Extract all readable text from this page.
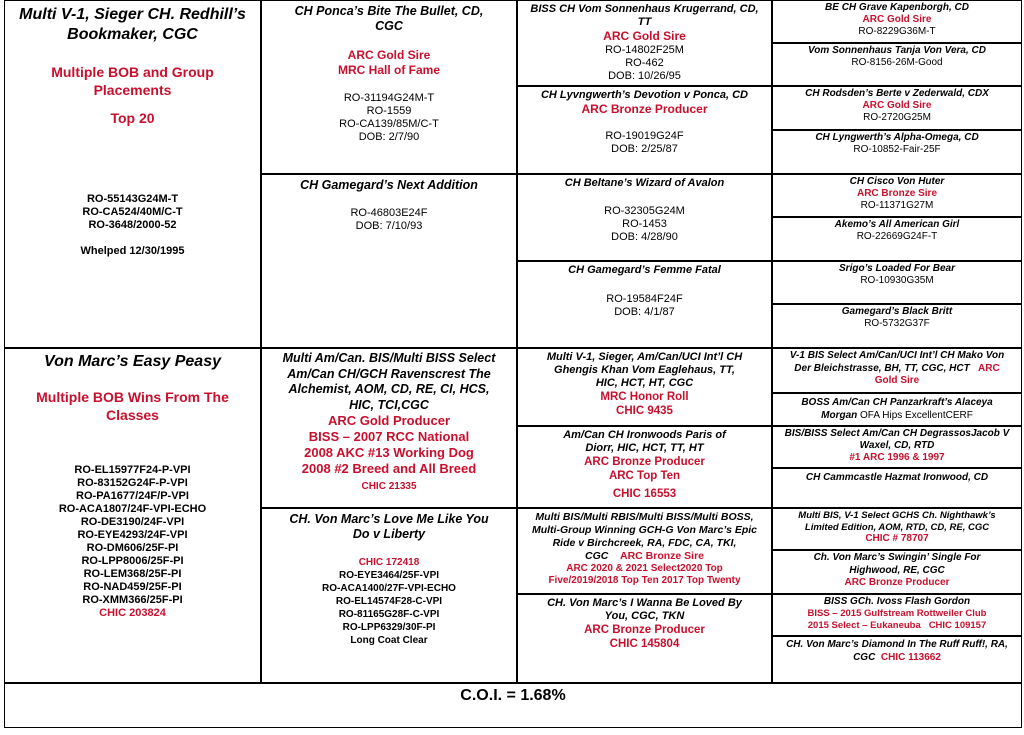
Multi V-1, Sieger CH. Redhill’s Bookmaker, CGC
Multiple BOB and Group Placements
Top 20
RO-55143G24M-T
RO-CA524/40M/C-T
RO-3648/2000-52
Whelped 12/30/1995
Von Marc’s Easy Peasy
Multiple BOB Wins From The Classes
RO-EL15977F24-P-VPI
RO-83152G24F-P-VPI
RO-PA1677/24F/P-VPI
RO-ACA1807/24F-VPI-ECHO
RO-DE3190/24F-VPI
RO-EYE4293/24F-VPI
RO-DM606/25F-PI
RO-LPP8006/25F-PI
RO-LEM368/25F-PI
RO-NAD459/25F-PI
RO-XMM366/25F-PI
CHIC 203824
CH Ponca’s Bite The Bullet, CD, CGC
ARC Gold Sire
MRC Hall of Fame
RO-31194G24M-T
RO-1559
RO-CA139/85M/C-T
DOB: 2/7/90
CH Gamegard’s Next Addition
RO-46803E24F
DOB: 7/10/93
Multi Am/Can. BIS/Multi BISS Select Am/Can CH/GCH Ravenscrest The Alchemist, AOM, CD, RE, CI, HCS, HIC, TCI,CGC
ARC Gold Producer
BISS – 2007 RCC National
2008 AKC #13 Working Dog
2008 #2 Breed and All Breed
CHIC 21335
CH. Von Marc’s Love Me Like You Do v Liberty
CHIC 172418
RO-EYE3464/25F-VPI
RO-ACA1400/27F-VPI-ECHO
RO-EL14574F28-C-VPI
RO-81165G28F-C-VPI
RO-LPP6329/30F-PI
Long Coat Clear
BISS CH Vom Sonnenhaus Krugerrand, CD, TT
ARC Gold Sire
RO-14802F25M
RO-462
DOB: 10/26/95
CH Lyvngwerth’s Devotion v Ponca, CD
ARC Bronze Producer
RO-19019G24F
DOB: 2/25/87
CH Beltane’s Wizard of Avalon
RO-32305G24M
RO-1453
DOB: 4/28/90
CH Gamegard’s Femme Fatal
RO-19584F24F
DOB: 4/1/87
Multi V-1, Sieger, Am/Can/UCI Int’l CH Ghengis Khan Vom Eaglehaus, TT, HIC, HCT, HT, CGC
MRC Honor Roll
CHIC 9435
Am/Can CH Ironwoods Paris of Diorr, HIC, HCT, TT, HT
ARC Bronze Producer
ARC Top Ten
CHIC 16553
Multi BIS/Multi RBIS/Multi BISS/Multi BOSS, Multi-Group Winning GCH-G Von Marc’s Epic Ride v Birchcreek, RA, FDC, CA, TKI, CGC ARC Bronze Sire
ARC 2020 & 2021 Select2020 Top
Five/2019/2018 Top Ten 2017 Top Twenty
CH. Von Marc’s I Wanna Be Loved By You, CGC, TKN
ARC Bronze Producer
CHIC 145804
BE CH Grave Kapenborgh, CD
ARC Gold Sire
RO-8229G36M-T
Vom Sonnenhaus Tanja Von Vera, CD
RO-8156-26M-Good
CH Rodsden’s Berte v Zederwald, CDX
ARC Gold Sire
RO-2720G25M
CH Lyngwerth’s Alpha-Omega, CD
RO-10852-Fair-25F
CH Cisco Von Huter
ARC Bronze Sire
RO-11371G27M
Akemo’s All American Girl
RO-22669G24F-T
Srigo’s Loaded For Bear
RO-10930G35M
Gamegard’s Black Britt
RO-5732G37F
V-1 BIS Select Am/Can/UCI Int’l CH Mako Von Der Bleichstrasse, BH, TT, CGC, HCT ARC Gold Sire
BOSS Am/Can CH Panzarkraft’s Alaceya Morgan OFA Hips ExcellentCERF
BIS/BISS Select Am/Can CH DegrassosJacob V Waxel, CD, RTD
#1 ARC 1996 & 1997
CH Cammcastle Hazmat Ironwood, CD
Multi BIS, V-1 Select GCHS Ch. Nighthawk’s Limited Edition, AOM, RTD, CD, RE, CGC
CHIC # 78707
Ch. Von Marc’s Swingin’ Single For Highwood, RE, CGC
ARC Bronze Producer
BISS GCh. Ivoss Flash Gordon
BISS – 2015 Gulfstream Rottweiler Club
2015 Select – Eukaneuba CHIC 109157
CH. Von Marc’s Diamond In The Ruff Ruff!, RA, CGC CHIC 113662
C.O.I. = 1.68%
